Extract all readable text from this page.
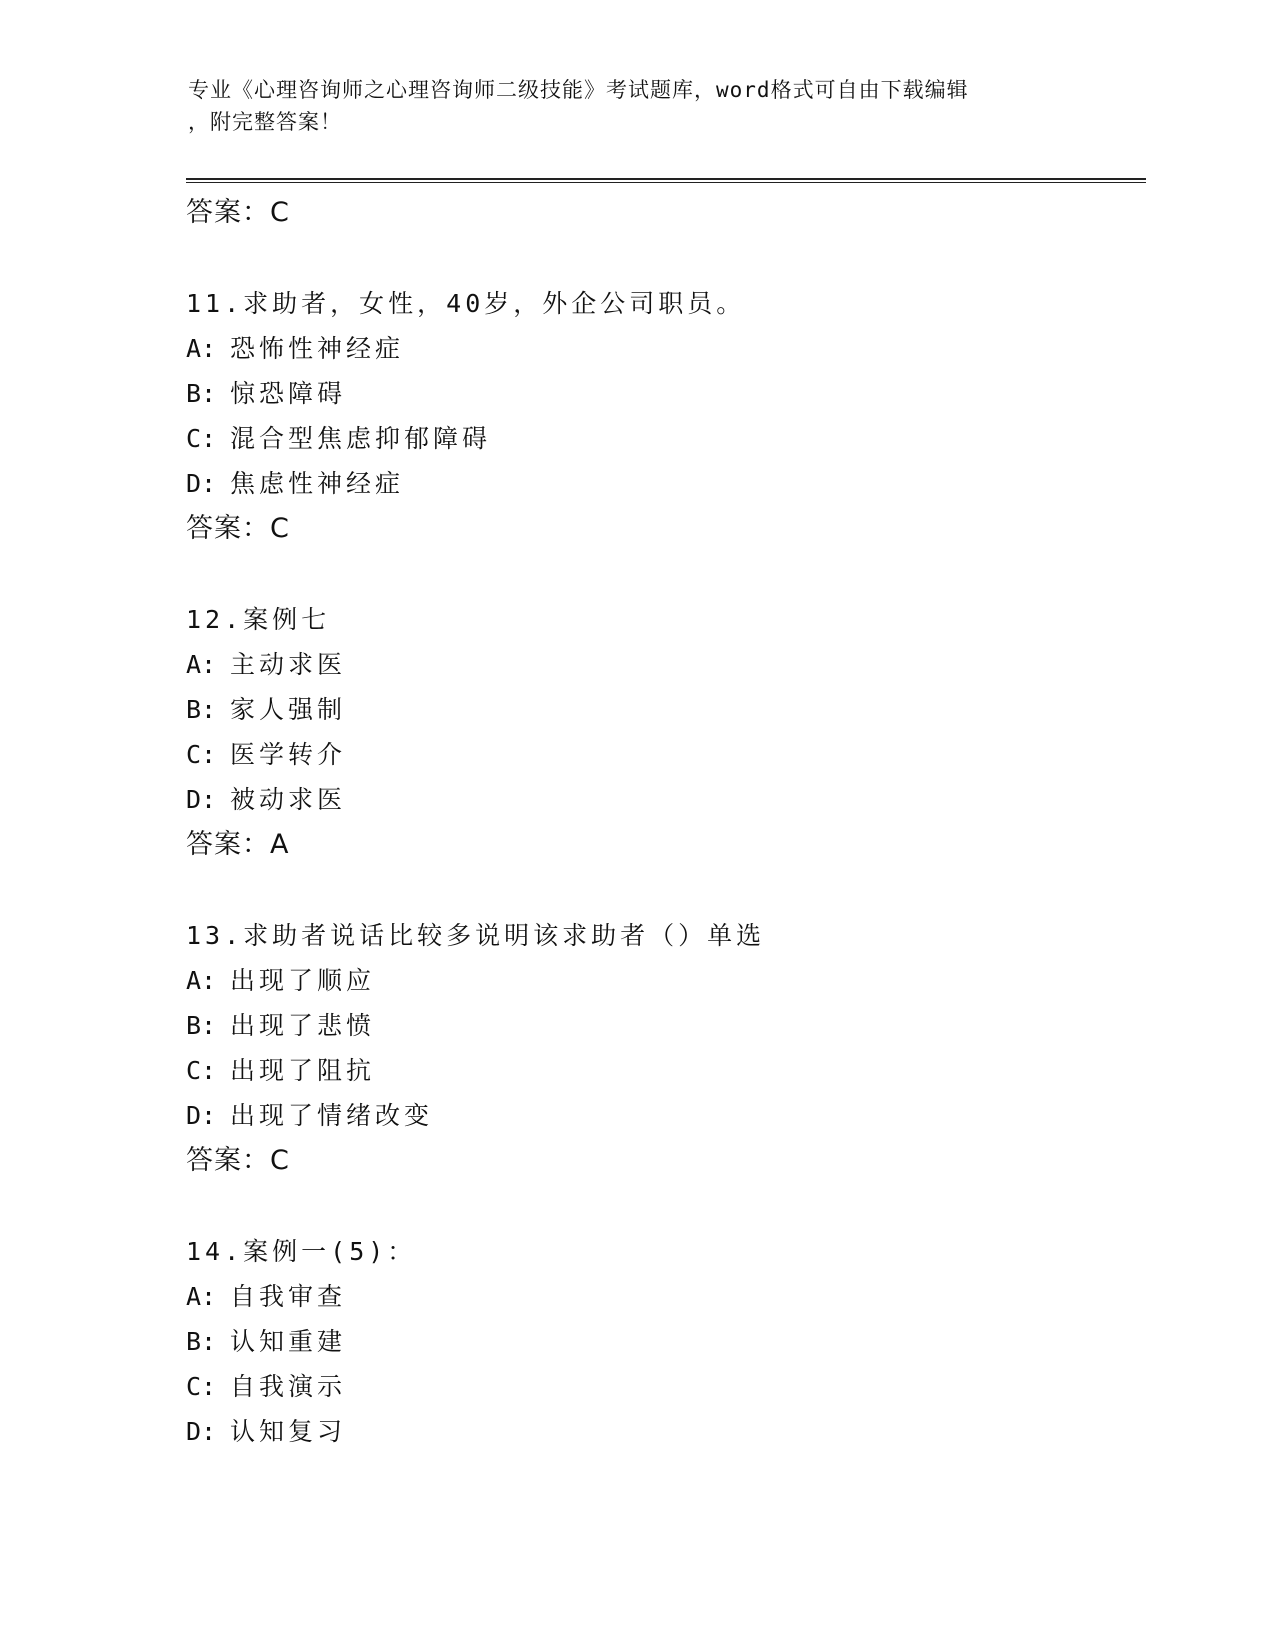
专业《心理咨询师之心理咨询师二级技能》考试题库，word格式可自由下载编辑
，附完整答案！
答案：C
11.求助者，女性，40岁，外企公司职员。
A: 恐怖性神经症
B: 惊恐障碍
C: 混合型焦虑抑郁障碍
D: 焦虑性神经症
答案：C
12.案例七
A: 主动求医
B: 家人强制
C: 医学转介
D: 被动求医
答案：A
13.求助者说话比较多说明该求助者（）单选
A: 出现了顺应
B: 出现了悲愤
C: 出现了阻抗
D: 出现了情绪改变
答案：C
14.案例一(5)：
A: 自我审查
B: 认知重建
C: 自我演示
D: 认知复习
